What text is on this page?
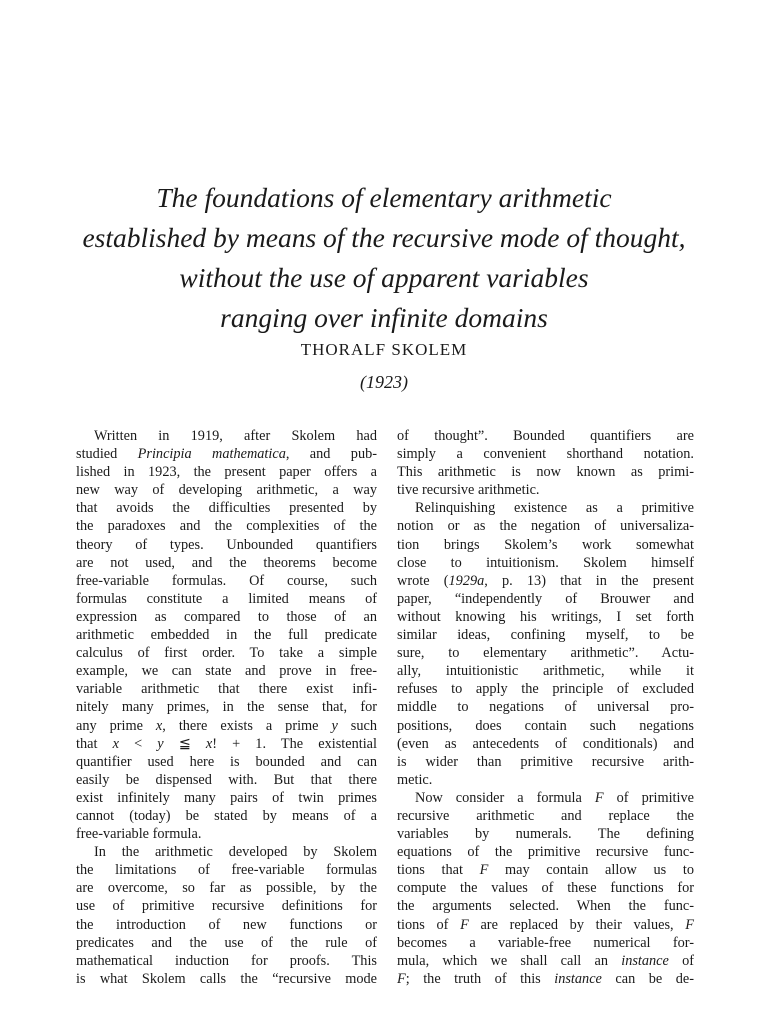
The foundations of elementary arithmetic
established by means of the recursive mode of thought,
without the use of apparent variables
ranging over infinite domains
THORALF SKOLEM
(1923)
Written in 1919, after Skolem had
studied Principia mathematica, and pub-
lished in 1923, the present paper offers a
new way of developing arithmetic, a way
that avoids the difficulties presented by
the paradoxes and the complexities of the
theory of types. Unbounded quantifiers
are not used, and the theorems become
free-variable formulas. Of course, such
formulas constitute a limited means of
expression as compared to those of an
arithmetic embedded in the full predicate
calculus of first order. To take a simple
example, we can state and prove in free-
variable arithmetic that there exist infi-
nitely many primes, in the sense that, for
any prime x, there exists a prime y such
that x < y ≦ x! + 1. The existential
quantifier used here is bounded and can
easily be dispensed with. But that there
exist infinitely many pairs of twin primes
cannot (today) be stated by means of a
free-variable formula.
In the arithmetic developed by Skolem
the limitations of free-variable formulas
are overcome, so far as possible, by the
use of primitive recursive definitions for
the introduction of new functions or
predicates and the use of the rule of
mathematical induction for proofs. This
is what Skolem calls the “recursive mode
of thought”. Bounded quantifiers are
simply a convenient shorthand notation.
This arithmetic is now known as primi-
tive recursive arithmetic.
Relinquishing existence as a primitive
notion or as the negation of universaliza-
tion brings Skolem’s work somewhat
close to intuitionism. Skolem himself
wrote (1929a, p. 13) that in the present
paper, “independently of Brouwer and
without knowing his writings, I set forth
similar ideas, confining myself, to be
sure, to elementary arithmetic”. Actu-
ally, intuitionistic arithmetic, while it
refuses to apply the principle of excluded
middle to negations of universal pro-
positions, does contain such negations
(even as antecedents of conditionals) and
is wider than primitive recursive arith-
metic.
Now consider a formula F of primitive
recursive arithmetic and replace the
variables by numerals. The defining
equations of the primitive recursive func-
tions that F may contain allow us to
compute the values of these functions for
the arguments selected. When the func-
tions of F are replaced by their values, F
becomes a variable-free numerical for-
mula, which we shall call an instance of
F; the truth of this instance can be de-
